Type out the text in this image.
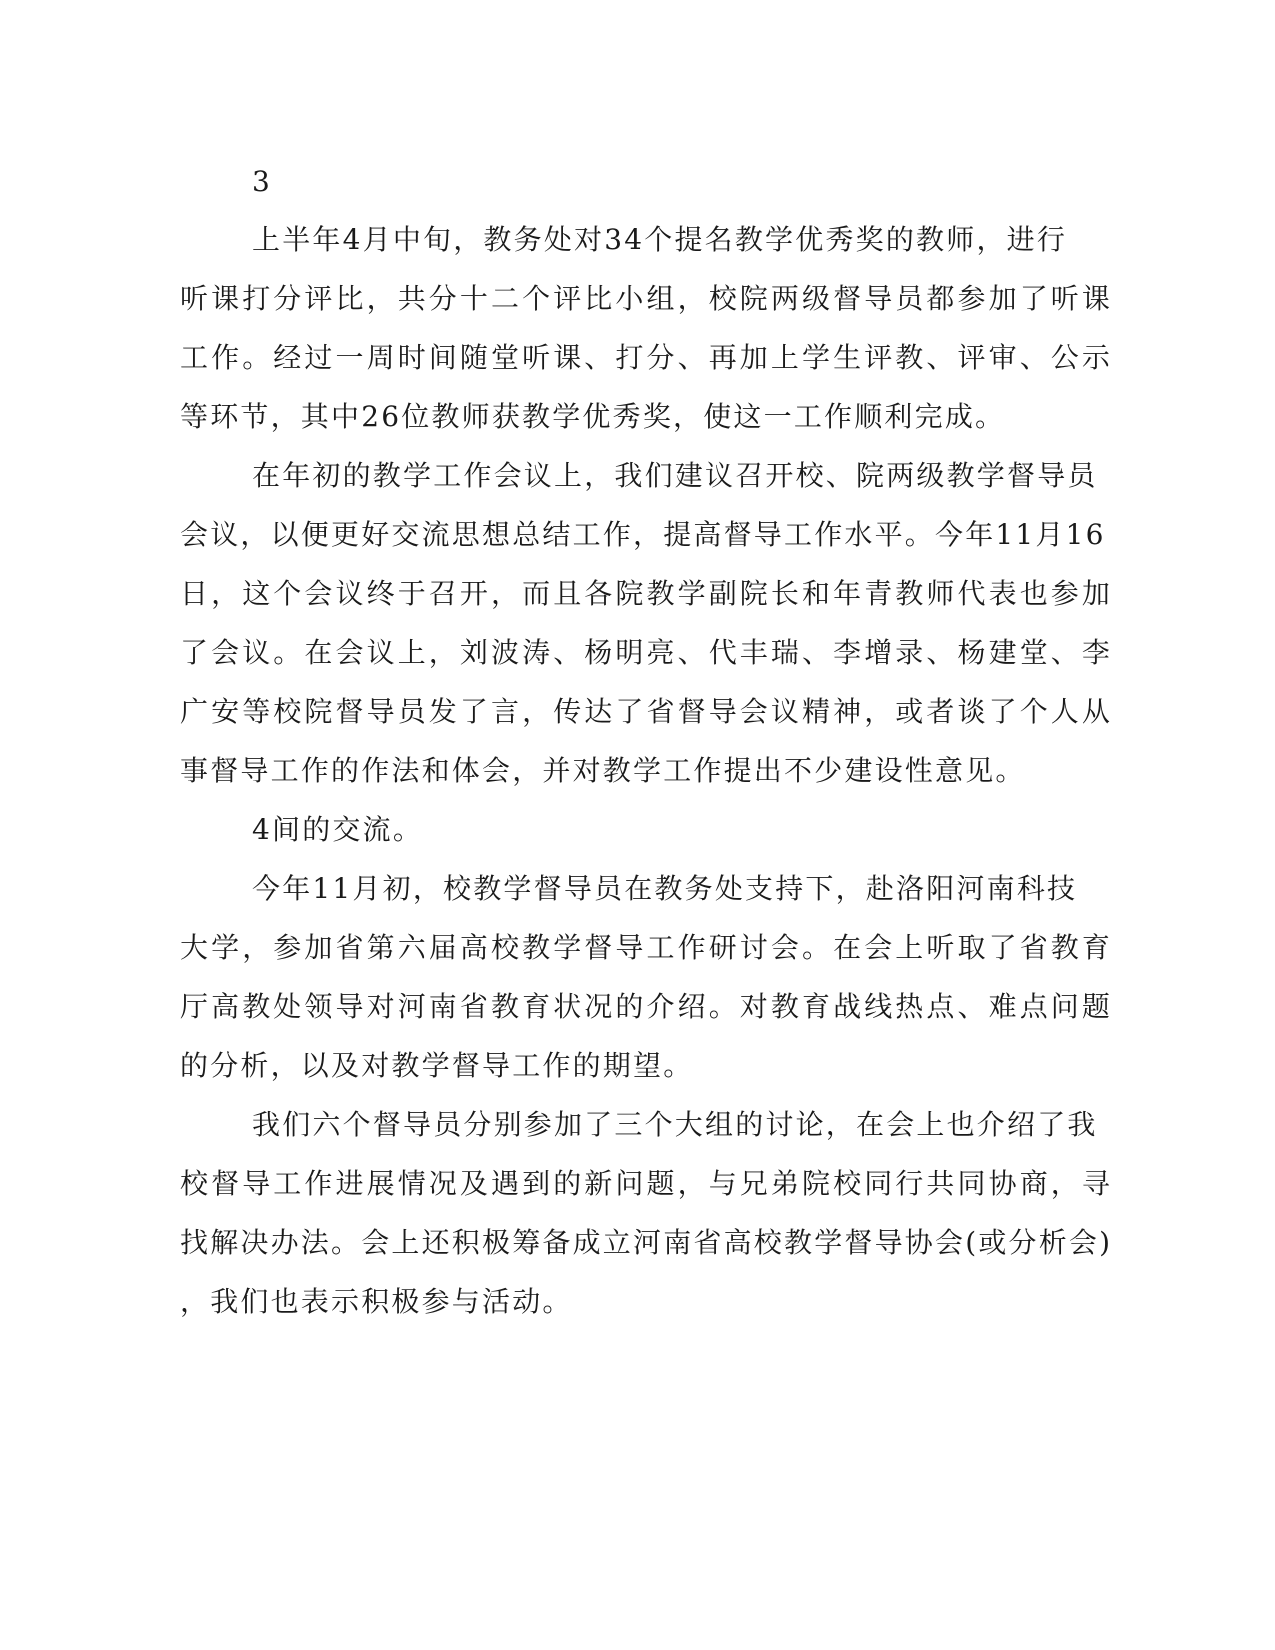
3
上半年4月中旬，教务处对34个提名教学优秀奖的教师，进行
听课打分评比，共分十二个评比小组，校院两级督导员都参加了听课
工作。经过一周时间随堂听课、打分、再加上学生评教、评审、公示
等环节，其中26位教师获教学优秀奖，使这一工作顺利完成。
在年初的教学工作会议上，我们建议召开校、院两级教学督导员
会议，以便更好交流思想总结工作，提高督导工作水平。今年11月16
日，这个会议终于召开，而且各院教学副院长和年青教师代表也参加
了会议。在会议上，刘波涛、杨明亮、代丰瑞、李增录、杨建堂、李
广安等校院督导员发了言，传达了省督导会议精神，或者谈了个人从
事督导工作的作法和体会，并对教学工作提出不少建设性意见。
4间的交流。
今年11月初，校教学督导员在教务处支持下，赴洛阳河南科技
大学，参加省第六届高校教学督导工作研讨会。在会上听取了省教育
厅高教处领导对河南省教育状况的介绍。对教育战线热点、难点问题
的分析，以及对教学督导工作的期望。
我们六个督导员分别参加了三个大组的讨论，在会上也介绍了我
校督导工作进展情况及遇到的新问题，与兄弟院校同行共同协商，寻
找解决办法。会上还积极筹备成立河南省高校教学督导协会(或分析会)
，我们也表示积极参与活动。
